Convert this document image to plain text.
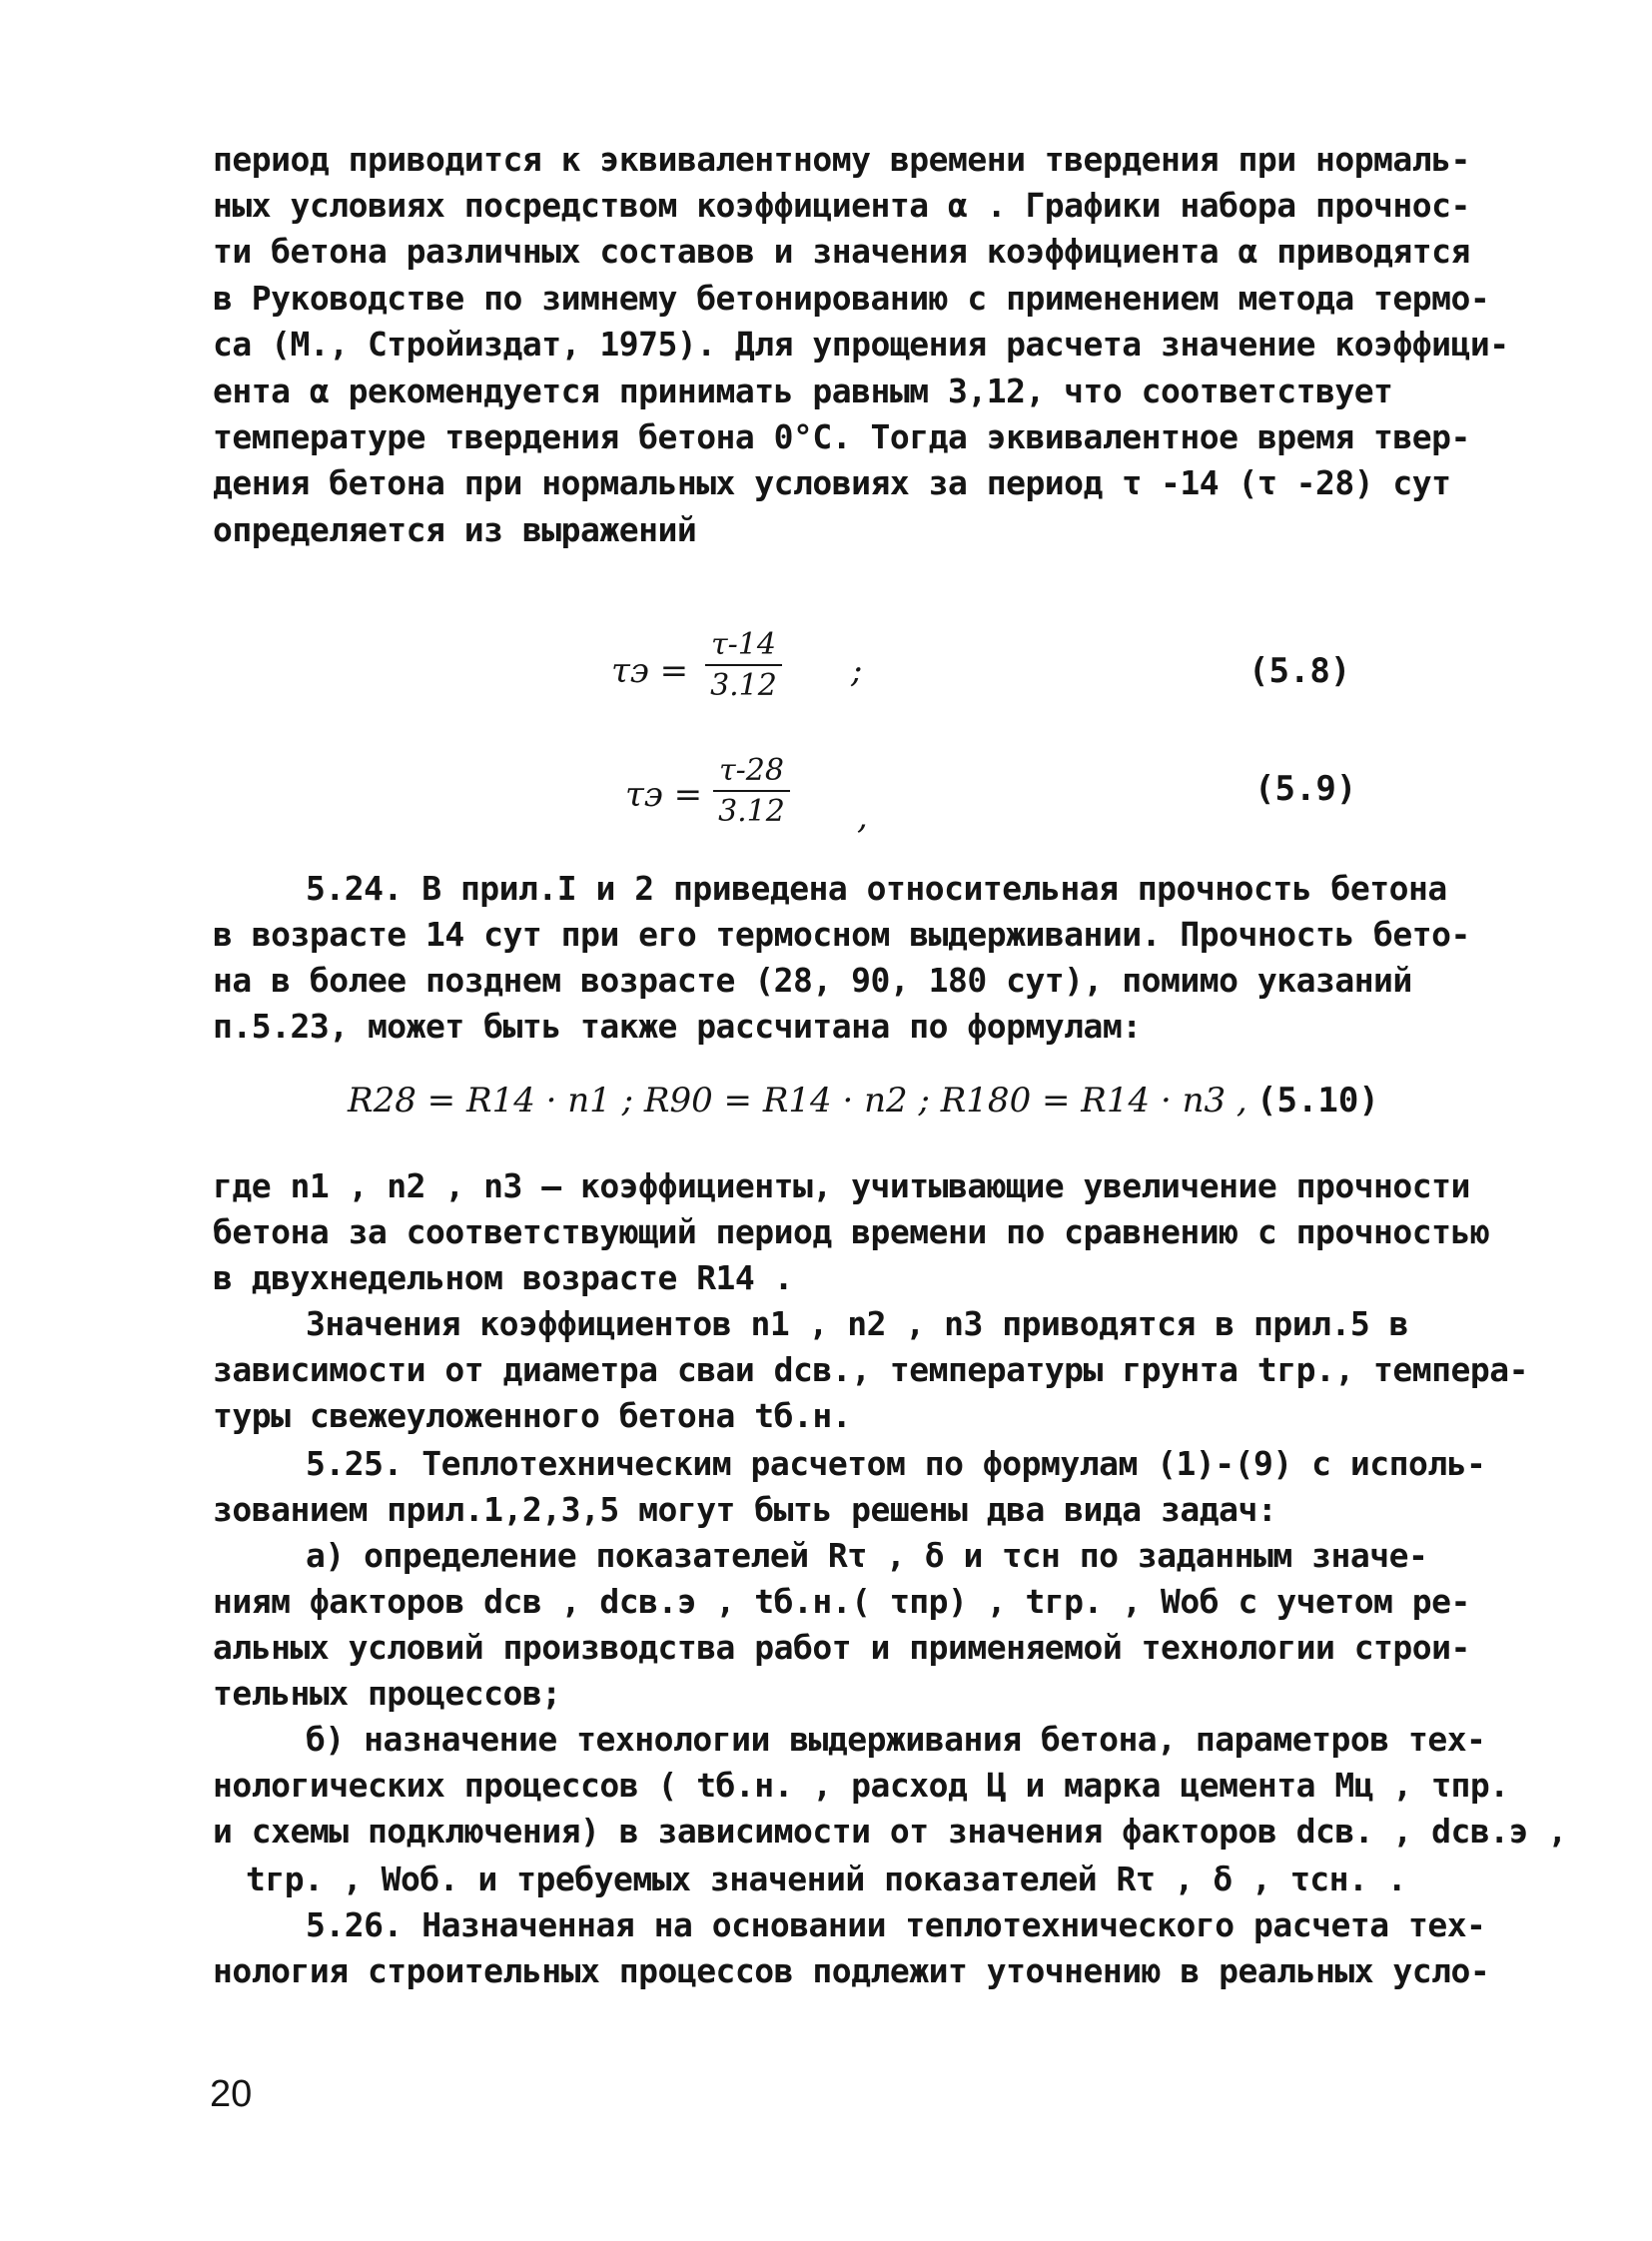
период приводится к эквивалентному времени твердения при нормаль-
ных условиях посредством коэффициента α . Графики набора прочнос-
ти бетона различных составов и значения коэффициента α приводятся
в Руководстве по зимнему бетонированию с применением метода термо-
са (М., Стройиздат, 1975). Для упрощения расчета значение коэффици-
ента α рекомендуется принимать равным 3,12, что соответствует
температуре твердения бетона 0°С. Тогда эквивалентное время твер-
дения бетона при нормальных условиях за период τ -14 (τ -28) сут
определяется из выражений
τэ =
τ-14
3.12 ;	(5.8)
τэ =
τ-28
3.12 ,
(5.9)
5.24. В прил.I и 2 приведена относительная прочность бетона
в возрасте 14 сут при его термосном выдерживании. Прочность бето-
на в более позднем возрасте (28, 90, 180 сут), помимо указаний
п.5.23, может быть также рассчитана по формулам:
R28 = R14 · n1 ; R90 = R14 · n2 ; R180 = R14 · n3 , (5.10)
где n1 , n2 , n3 – коэффициенты, учитывающие увеличение прочности
бетона за соответствующий период времени по сравнению с прочностью
в двухнедельном возрасте R14 .
Значения коэффициентов n1 , n2 , n3 приводятся в прил.5 в
зависимости от диаметра сваи dсв., температуры грунта tгр., темпера-
туры свежеуложенного бетона tб.н.
5.25. Теплотехническим расчетом по формулам (1)-(9) с исполь-
зованием прил.1,2,3,5 могут быть решены два вида задач:
а) определение показателей Rτ , δ и τсн по заданным значе-
ниям факторов dсв , dсв.э , tб.н.( τпр) , tгр. , Wоб с учетом ре-
альных условий производства работ и применяемой технологии строи-
тельных процессов;
б) назначение технологии выдерживания бетона, параметров тех-
нологических процессов ( tб.н. , расход Ц и марка цемента Мц , τпр.
и схемы подключения) в зависимости от значения факторов dсв. , dсв.э ,
tгр. , Wоб. и требуемых значений показателей Rτ , δ , τсн. .
5.26. Назначенная на основании теплотехнического расчета тех-
нология строительных процессов подлежит уточнению в реальных усло-
20
